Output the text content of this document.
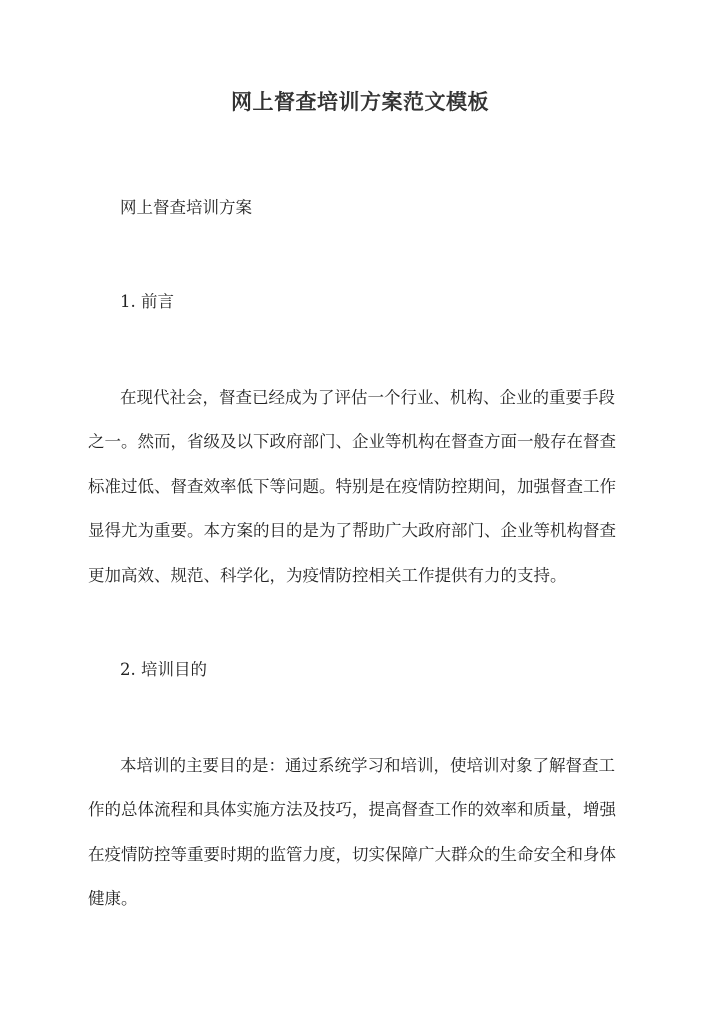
网上督查培训方案范文模板
网上督查培训方案
1. 前言
在现代社会，督查已经成为了评估一个行业、机构、企业的重要手段
之一。然而，省级及以下政府部门、企业等机构在督查方面一般存在督查
标准过低、督查效率低下等问题。特别是在疫情防控期间，加强督查工作
显得尤为重要。本方案的目的是为了帮助广大政府部门、企业等机构督查
更加高效、规范、科学化，为疫情防控相关工作提供有力的支持。
2. 培训目的
本培训的主要目的是：通过系统学习和培训，使培训对象了解督查工
作的总体流程和具体实施方法及技巧，提高督查工作的效率和质量，增强
在疫情防控等重要时期的监管力度，切实保障广大群众的生命安全和身体
健康。
